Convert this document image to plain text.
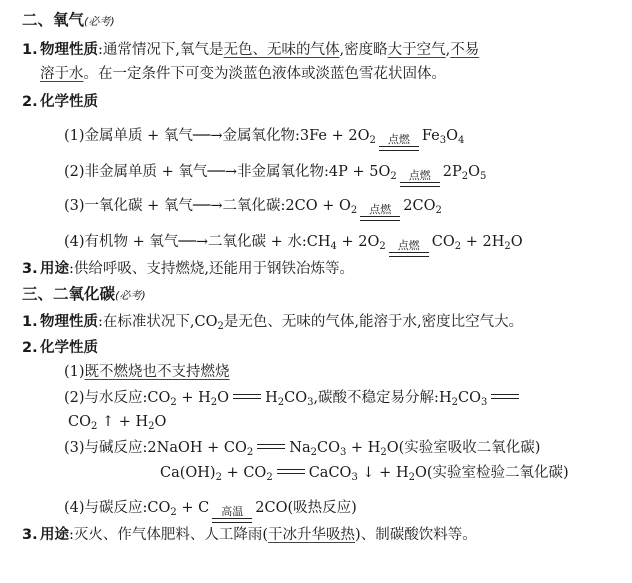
二、氧气(必考)
1. 物理性质:通常情况下,氧气是无色、无味的气体,密度略大于空气,不易
溶于水。在一定条件下可变为淡蓝色液体或淡蓝色雪花状固体。
2. 化学性质
(1)金属单质 + 氧气──→金属氧化物:3Fe + $2O_2$ 点燃 $Fe_3O_4$
(2)非金属单质 + 氧气──→非金属氧化物:4P + $5O_2$ 点燃 $2P_2O_5$
(3)一氧化碳 + 氧气──→二氧化碳:2CO + $O_2$ 点燃 $2CO_2$
(4)有机物 + 氧气──→二氧化碳 + 水$:CH_4 + 2O_2$ 点燃 $CO_2 + 2H_2O$
3. 用途:供给呼吸、支持燃烧,还能用于钢铁冶炼等。
三、二氧化碳(必考)
1. 物理性质:在标准状况下$,CO_2$是无色、无味的气体,能溶于水,密度比空气大。
2. 化学性质
(1)既不燃烧也不支持燃烧
(2)与水反应$:CO_2 + H_2O$ $H_2CO_3$,碳酸不稳定易分解$:H_2CO_3$
$CO_2$ ↑ + $H_2O$
(3)与碱反应:2NaOH + $CO_2$ $Na_2CO_3 + H_2O$(实验室吸收二氧化碳)
$Ca(OH)_2 + CO_2$ CaCO$_3$ ↓ + $H_2O$(实验室检验二氧化碳)
(4)与碳反应$:CO_2 + C$ 高温 2CO(吸热反应)
3. 用途:灭火、作气体肥料、人工降雨(干冰升华吸热)、制碳酸饮料等。
